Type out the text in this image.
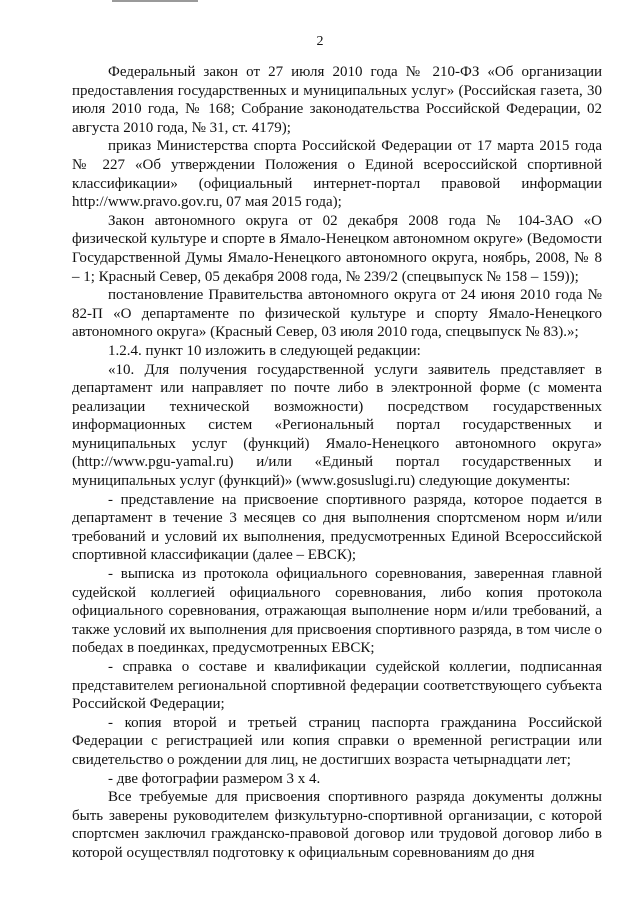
2

Федеральный закон от 27 июля 2010 года № 210-ФЗ «Об организации предоставления государственных и муниципальных услуг» (Российская газета, 30 июля 2010 года, № 168; Собрание законодательства Российской Федерации, 02 августа 2010 года, № 31, ст. 4179);

приказ Министерства спорта Российской Федерации от 17 марта 2015 года № 227 «Об утверждении Положения о Единой всероссийской спортивной классификации» (официальный интернет-портал правовой информации http://www.pravo.gov.ru, 07 мая 2015 года);

Закон автономного округа от 02 декабря 2008 года № 104-ЗАО «О физической культуре и спорте в Ямало-Ненецком автономном округе» (Ведомости Государственной Думы Ямало-Ненецкого автономного округа, ноябрь, 2008, № 8 – 1; Красный Север, 05 декабря 2008 года, № 239/2 (спецвыпуск № 158 – 159));

постановление Правительства автономного округа от 24 июня 2010 года № 82-П «О департаменте по физической культуре и спорту Ямало-Ненецкого автономного округа» (Красный Север, 03 июля 2010 года, спецвыпуск № 83).»;

1.2.4. пункт 10 изложить в следующей редакции:

«10. Для получения государственной услуги заявитель представляет в департамент или направляет по почте либо в электронной форме (с момента реализации технической возможности) посредством государственных информационных систем «Региональный портал государственных и муниципальных услуг (функций) Ямало-Ненецкого автономного округа» (http://www.pgu-yamal.ru) и/или «Единый портал государственных и муниципальных услуг (функций)» (www.gosuslugi.ru) следующие документы:

- представление на присвоение спортивного разряда, которое подается в департамент в течение 3 месяцев со дня выполнения спортсменом норм и/или требований и условий их выполнения, предусмотренных Единой Всероссийской спортивной классификации (далее – ЕВСК);

- выписка из протокола официального соревнования, заверенная главной судейской коллегией официального соревнования, либо копия протокола официального соревнования, отражающая выполнение норм и/или требований, а также условий их выполнения для присвоения спортивного разряда, в том числе о победах в поединках, предусмотренных ЕВСК;

- справка о составе и квалификации судейской коллегии, подписанная представителем региональной спортивной федерации соответствующего субъекта Российской Федерации;

- копия второй и третьей страниц паспорта гражданина Российской Федерации с регистрацией или копия справки о временной регистрации или свидетельство о рождении для лиц, не достигших возраста четырнадцати лет;

- две фотографии размером 3 х 4.

Все требуемые для присвоения спортивного разряда документы должны быть заверены руководителем физкультурно-спортивной организации, с которой спортсмен заключил гражданско-правовой договор или трудовой договор либо в которой осуществлял подготовку к официальным соревнованиям до дня
